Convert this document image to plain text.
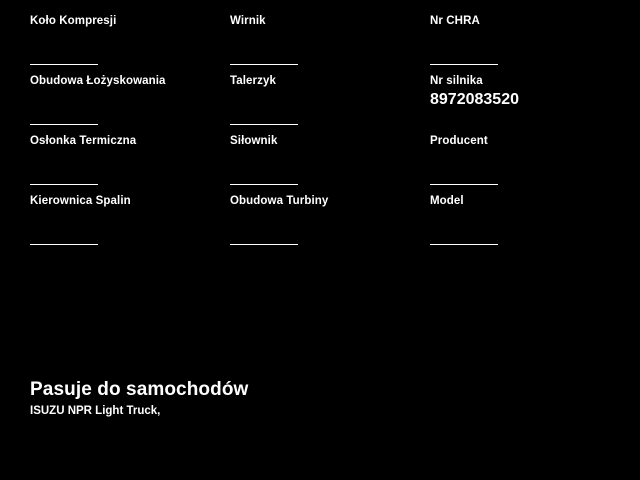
Koło Kompresji
Obudowa Łożyskowania
Osłonka Termiczna
Kierownica Spalin
Wirnik
Talerzyk
Siłownik
Obudowa Turbiny
Nr CHRA
Nr silnika
8972083520
Producent
Model
Pasuje do samochodów
ISUZU NPR Light Truck,
